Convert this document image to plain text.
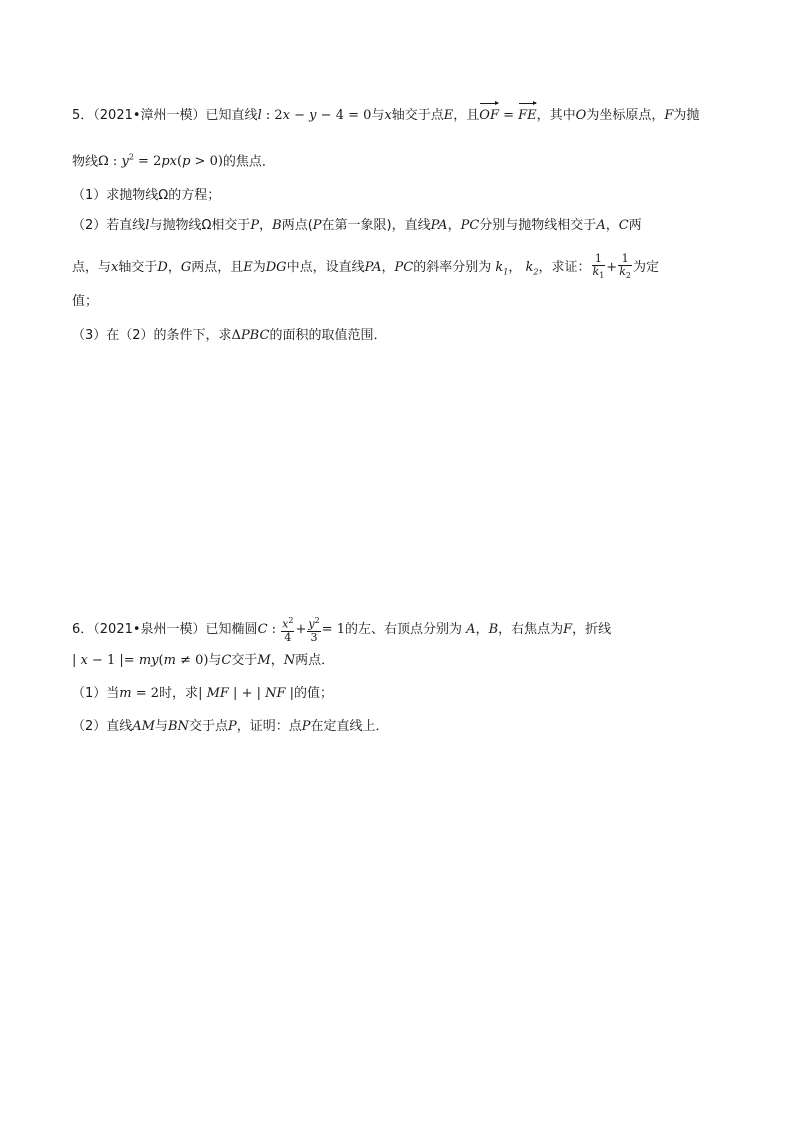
5．（2021•漳州一模）已知直线l : 2x − y − 4 = 0与x轴交于点E，且OF = FE，其中O为坐标原点，F为抛
物线Ω : $y^2 = 2px(p > 0)$的焦点．
（1）求抛物线Ω的方程；
（2）若直线l与抛物线Ω相交于P，B两点(P在第一象限)，直线PA，PC分别与抛物线相交于A，C两
点，与x轴交于D，G两点，且E为DG中点，设直线PA，PC的斜率分别为 $k_1$， $k_2$，求证： $\frac{1}{k_1} + \frac{1}{k_2}$ 为定
值；
（3）在（2）的条件下，求ΔPBC的面积的取值范围．
6．（2021•泉州一模）已知椭圆C : $\frac{x^2}{4} + \frac{y^2}{3} = 1$的左、右顶点分别为 A，B，右焦点为F，折线
| x − 1 |= my(m ≠ 0)与C交于M，N两点．
（1）当m = 2时，求| MF | + | NF |的值；
（2）直线AM与BN交于点P，证明：点P在定直线上．
